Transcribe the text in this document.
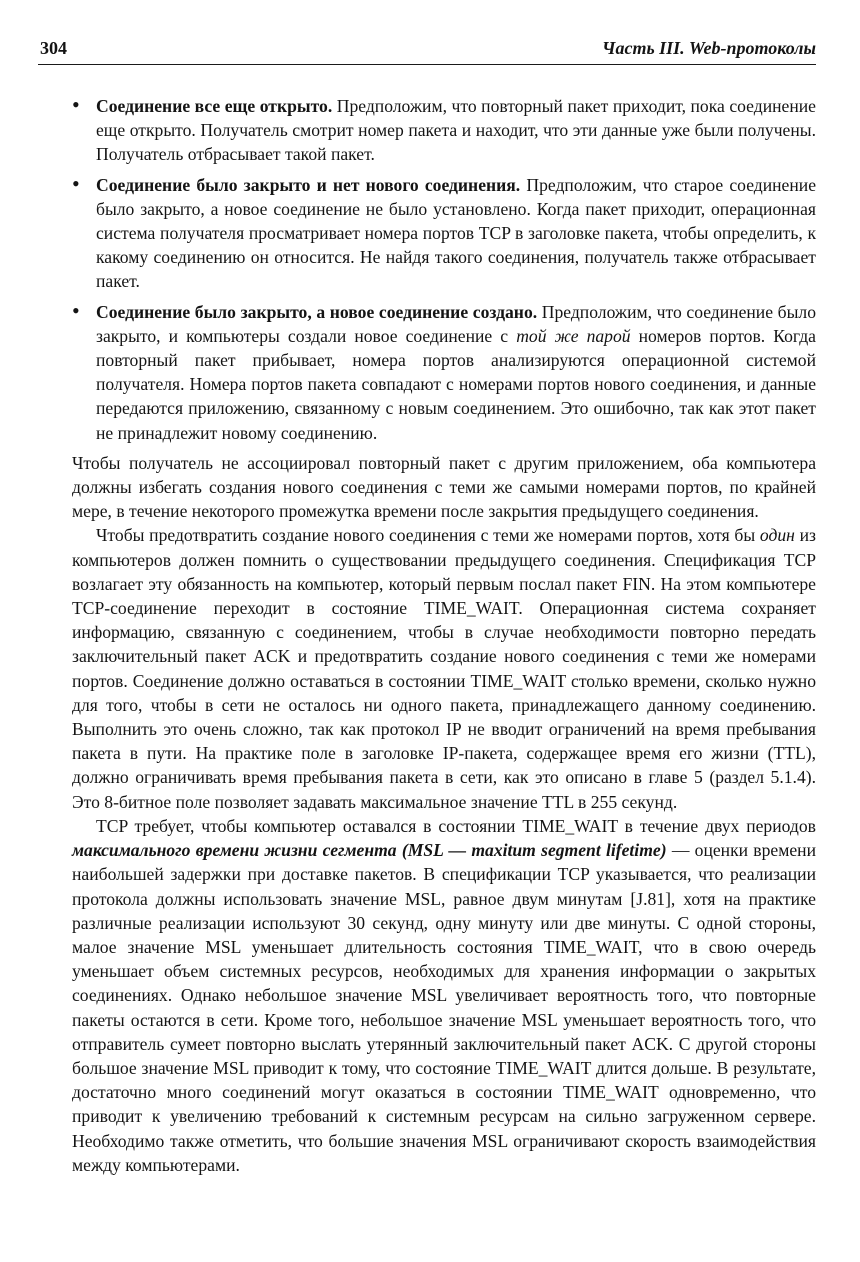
304	Часть III. Web-протоколы
• Соединение все еще открыто. Предположим, что повторный пакет приходит, пока соединение еще открыто. Получатель смотрит номер пакета и находит, что эти данные уже были получены. Получатель отбрасывает такой пакет.
• Соединение было закрыто и нет нового соединения. Предположим, что старое соединение было закрыто, а новое соединение не было установлено. Когда пакет приходит, операционная система получателя просматривает номера портов TCP в заголовке пакета, чтобы определить, к какому соединению он относится. Не найдя такого соединения, получатель также отбрасывает пакет.
• Соединение было закрыто, а новое соединение создано. Предположим, что соединение было закрыто, и компьютеры создали новое соединение с той же парой номеров портов. Когда повторный пакет прибывает, номера портов анализируются операционной системой получателя. Номера портов пакета совпадают с номерами портов нового соединения, и данные передаются приложению, связанному с новым соединением. Это ошибочно, так как этот пакет не принадлежит новому соединению.

Чтобы получатель не ассоциировал повторный пакет с другим приложением, оба компьютера должны избегать создания нового соединения с теми же самыми номерами портов, по крайней мере, в течение некоторого промежутка времени после закрытия предыдущего соединения.

Чтобы предотвратить создание нового соединения с теми же номерами портов, хотя бы один из компьютеров должен помнить о существовании предыдущего соединения. Спецификация TCP возлагает эту обязанность на компьютер, который первым послал пакет FIN. На этом компьютере TCP-соединение переходит в состояние TIME_WAIT. Операционная система сохраняет информацию, связанную с соединением, чтобы в случае необходимости повторно передать заключительный пакет ACK и предотвратить создание нового соединения с теми же номерами портов. Соединение должно оставаться в состоянии TIME_WAIT столько времени, сколько нужно для того, чтобы в сети не осталось ни одного пакета, принадлежащего данному соединению. Выполнить это очень сложно, так как протокол IP не вводит ограничений на время пребывания пакета в пути. На практике поле в заголовке IP-пакета, содержащее время его жизни (TTL), должно ограничивать время пребывания пакета в сети, как это описано в главе 5 (раздел 5.1.4). Это 8-битное поле позволяет задавать максимальное значение TTL в 255 секунд.

TCP требует, чтобы компьютер оставался в состоянии TIME_WAIT в течение двух периодов максимального времени жизни сегмента (MSL — maxitum segment lifetime) — оценки времени наибольшей задержки при доставке пакетов. В спецификации TCP указывается, что реализации протокола должны использовать значение MSL, равное двум минутам [J.81], хотя на практике различные реализации используют 30 секунд, одну минуту или две минуты. С одной стороны, малое значение MSL уменьшает длительность состояния TIME_WAIT, что в свою очередь уменьшает объем системных ресурсов, необходимых для хранения информации о закрытых соединениях. Однако небольшое значение MSL увеличивает вероятность того, что повторные пакеты остаются в сети. Кроме того, небольшое значение MSL уменьшает вероятность того, что отправитель сумеет повторно выслать утерянный заключительный пакет ACK. С другой стороны большое значение MSL приводит к тому, что состояние TIME_WAIT длится дольше. В результате, достаточно много соединений могут оказаться в состоянии TIME_WAIT одновременно, что приводит к увеличению требований к системным ресурсам на сильно загруженном сервере. Необходимо также отметить, что большие значения MSL ограничивают скорость взаимодействия между компьютерами.
